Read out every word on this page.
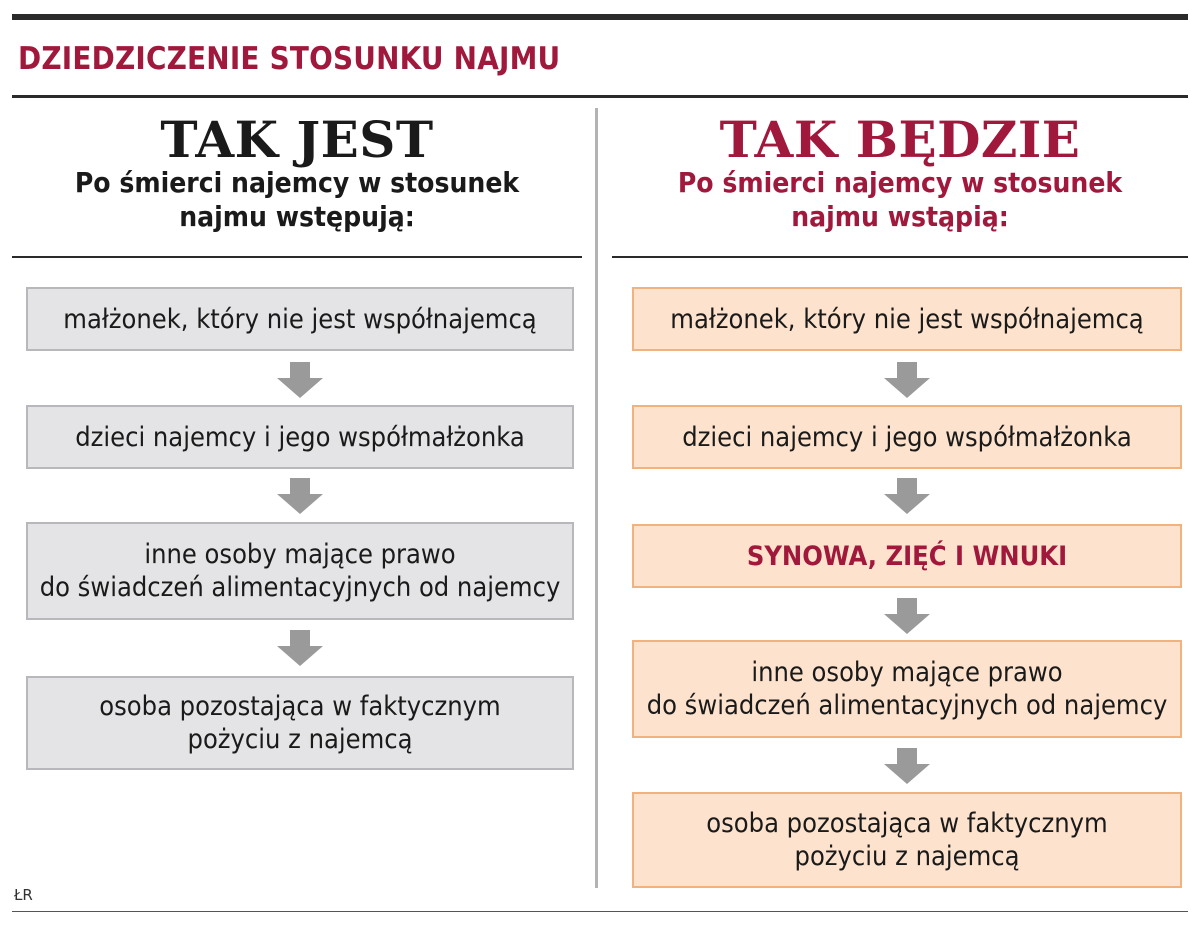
DZIEDZICZENIE STOSUNKU NAJMU
TAK JEST
Po śmierci najemcy w stosunek
najmu wstępują:
małżonek, który nie jest współnajemcą
dzieci najemcy i jego współmałżonka
inne osoby mające prawo
do świadczeń alimentacyjnych od najemcy
osoba pozostająca w faktycznym
pożyciu z najemcą
TAK BĘDZIE
Po śmierci najemcy w stosunek
najmu wstąpią:
małżonek, który nie jest współnajemcą
dzieci najemcy i jego współmałżonka
SYNOWA, ZIĘĆ I WNUKI
inne osoby mające prawo
do świadczeń alimentacyjnych od najemcy
osoba pozostająca w faktycznym
pożyciu z najemcą
ŁR
